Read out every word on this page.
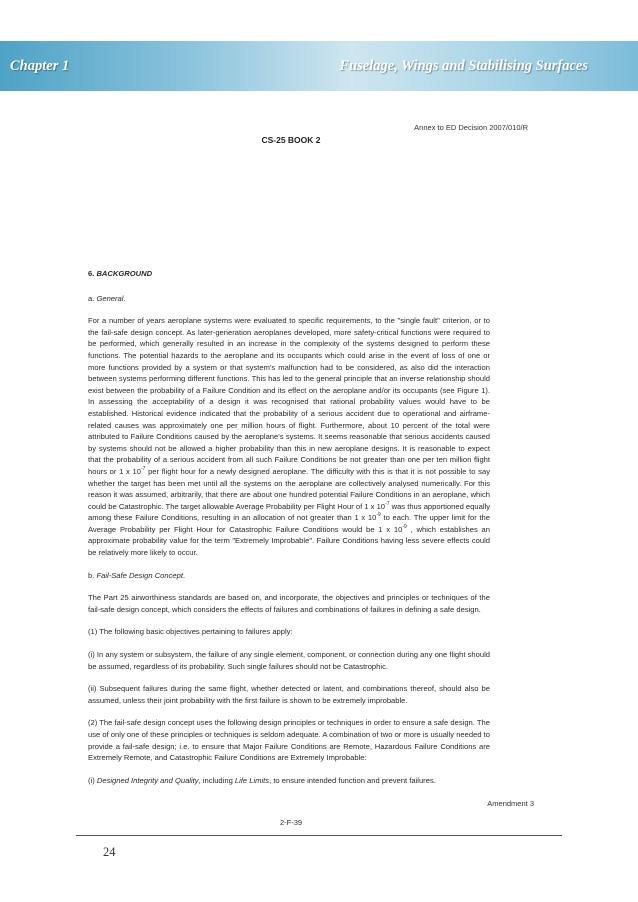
Chapter 1	Fuselage, Wings and Stabilising Surfaces
Annex to ED Decision 2007/010/R
CS-25 BOOK 2

6. BACKGROUND

a. General.

For a number of years aeroplane systems were evaluated to specific requirements, to the "single fault" criterion, or to the fail-safe design concept. As later-generation aeroplanes developed, more safety-critical functions were required to be performed, which generally resulted in an increase in the complexity of the systems designed to perform these functions. The potential hazards to the aeroplane and its occupants which could arise in the event of loss of one or more functions provided by a system or that system's malfunction had to be considered, as also did the interaction between systems performing different functions. This has led to the general principle that an inverse relationship should exist between the probability of a Failure Condition and its effect on the aeroplane and/or its occupants (see Figure 1). In assessing the acceptability of a design it was recognised that rational probability values would have to be established. Historical evidence indicated that the probability of a serious accident due to operational and airframe-related causes was approximately one per million hours of flight. Furthermore, about 10 percent of the total were attributed to Failure Conditions caused by the aeroplane's systems. It seems reasonable that serious accidents caused by systems should not be allowed a higher probability than this in new aeroplane designs. It is reasonable to expect that the probability of a serious accident from all such Failure Conditions be not greater than one per ten million flight hours or 1 x $10^{-7}$ per flight hour for a newly designed aeroplane. The difficulty with this is that it is not possible to say whether the target has been met until all the systems on the aeroplane are collectively analysed numerically. For this reason it was assumed, arbitrarily, that there are about one hundred potential Failure Conditions in an aeroplane, which could be Catastrophic. The target allowable Average Probability per Flight Hour of 1 x $10^{-7}$ was thus apportioned equally among these Failure Conditions, resulting in an allocation of not greater than 1 x $10^{-9}$ to each. The upper limit for the Average Probability per Flight Hour for Catastrophic Failure Conditions would be 1 x $10^{-9}$ , which establishes an approximate probability value for the term "Extremely Improbable". Failure Conditions having less severe effects could be relatively more likely to occur.

b. Fail-Safe Design Concept.

The Part 25 airworthiness standards are based on, and incorporate, the objectives and principles or techniques of the fail-safe design concept, which considers the effects of failures and combinations of failures in defining a safe design.

(1) The following basic objectives pertaining to failures apply:

(i) In any system or subsystem, the failure of any single element, component, or connection during any one flight should be assumed, regardless of its probability. Such single failures should not be Catastrophic.

(ii) Subsequent failures during the same flight, whether detected or latent, and combinations thereof, should also be assumed, unless their joint probability with the first failure is shown to be extremely improbable.

(2) The fail-safe design concept uses the following design principles or techniques in order to ensure a safe design. The use of only one of these principles or techniques is seldom adequate. A combination of two or more is usually needed to provide a fail-safe design; i.e. to ensure that Major Failure Conditions are Remote, Hazardous Failure Conditions are Extremely Remote, and Catastrophic Failure Conditions are Extremely Improbable:

(i) Designed Integrity and Quality, including Life Limits, to ensure intended function and prevent failures.

Amendment 3
2-F-39
24
